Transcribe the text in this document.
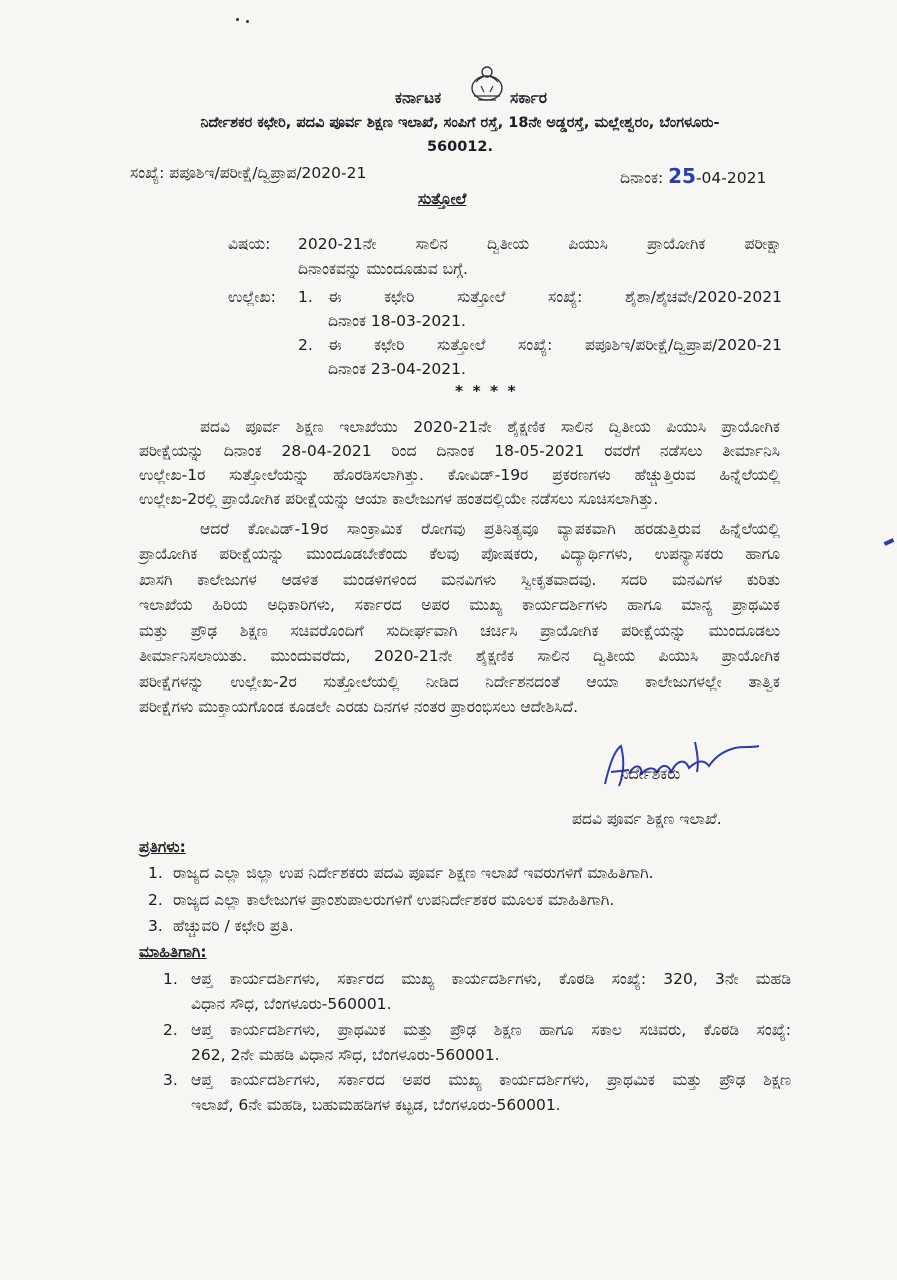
ಕರ್ನಾಟಕ	ಸರ್ಕಾರ
ನಿರ್ದೇಶಕರ ಕಛೇರಿ, ಪದವಿ ಪೂರ್ವ ಶಿಕ್ಷಣ ಇಲಾಖೆ, ಸಂಪಿಗೆ ರಸ್ತೆ, 18ನೇ ಅಡ್ಡರಸ್ತೆ, ಮಲ್ಲೇಶ್ವರಂ, ಬೆಂಗಳೂರು-
560012.
ಸಂಖ್ಯೆ: ಪಪೂಶಿಇ/ಪರೀಕ್ಷೆ/ದ್ವಿಪ್ರಾಪ/2020-21	ದಿನಾಂಕ: 25-04-2021
ಸುತ್ತೋಲೆ
ವಿಷಯ: 2020-21ನೇ ಸಾಲಿನ ದ್ವಿತೀಯ ಪಿಯುಸಿ ಪ್ರಾಯೋಗಿಕ ಪರೀಕ್ಷಾ
ದಿನಾಂಕವನ್ನು ಮುಂದೂಡುವ ಬಗ್ಗೆ.
ಉಲ್ಲೇಖ: 1. ಈ ಕಛೇರಿ ಸುತ್ತೋಲೆ ಸಂಖ್ಯೆ: ಶೈಶಾ/ಶೈಚವೇ/2020-2021
ದಿನಾಂಕ 18-03-2021.
2. ಈ ಕಛೇರಿ ಸುತ್ತೋಲೆ ಸಂಖ್ಯೆ: ಪಪೂಶಿಇ/ಪರೀಕ್ಷೆ/ದ್ವಿಪ್ರಾಪ/2020-21
ದಿನಾಂಕ 23-04-2021.
* * * *
ಪದವಿ ಪೂರ್ವ ಶಿಕ್ಷಣ ಇಲಾಖೆಯು 2020-21ನೇ ಶೈಕ್ಷಣಿಕ ಸಾಲಿನ ದ್ವಿತೀಯ ಪಿಯುಸಿ ಪ್ರಾಯೋಗಿಕ
ಪರೀಕ್ಷೆಯನ್ನು ದಿನಾಂಕ 28-04-2021 ರಿಂದ ದಿನಾಂಕ 18-05-2021 ರವರೆಗೆ ನಡೆಸಲು ತೀರ್ಮಾನಿಸಿ
ಉಲ್ಲೇಖ-1ರ ಸುತ್ತೋಲೆಯನ್ನು ಹೊರಡಿಸಲಾಗಿತ್ತು. ಕೋವಿಡ್-19ರ ಪ್ರಕರಣಗಳು ಹೆಚ್ಚುತ್ತಿರುವ ಹಿನ್ನೆಲೆಯಲ್ಲಿ
ಉಲ್ಲೇಖ-2ರಲ್ಲಿ ಪ್ರಾಯೋಗಿಕ ಪರೀಕ್ಷೆಯನ್ನು ಆಯಾ ಕಾಲೇಜುಗಳ ಹಂತದಲ್ಲಿಯೇ ನಡೆಸಲು ಸೂಚಿಸಲಾಗಿತ್ತು.
ಆದರೆ ಕೋವಿಡ್-19ರ ಸಾಂಕ್ರಾಮಿಕ ರೋಗವು ಪ್ರತಿನಿತ್ಯವೂ ವ್ಯಾಪಕವಾಗಿ ಹರಡುತ್ತಿರುವ ಹಿನ್ನೆಲೆಯಲ್ಲಿ
ಪ್ರಾಯೋಗಿಕ ಪರೀಕ್ಷೆಯನ್ನು ಮುಂದೂಡಬೇಕೆಂದು ಕೆಲವು ಪೋಷಕರು, ವಿದ್ಯಾರ್ಥಿಗಳು, ಉಪನ್ಯಾಸಕರು ಹಾಗೂ
ಖಾಸಗಿ ಕಾಲೇಜುಗಳ ಆಡಳಿತ ಮಂಡಳಿಗಳಿಂದ ಮನವಿಗಳು ಸ್ವೀಕೃತವಾದವು. ಸದರಿ ಮನವಿಗಳ ಕುರಿತು
ಇಲಾಖೆಯ ಹಿರಿಯ ಅಧಿಕಾರಿಗಳು, ಸರ್ಕಾರದ ಅಪರ ಮುಖ್ಯ ಕಾರ್ಯದರ್ಶಿಗಳು ಹಾಗೂ ಮಾನ್ಯ ಪ್ರಾಥಮಿಕ
ಮತ್ತು ಪ್ರೌಢ ಶಿಕ್ಷಣ ಸಚಿವರೊಂದಿಗೆ ಸುದೀರ್ಘವಾಗಿ ಚರ್ಚಿಸಿ ಪ್ರಾಯೋಗಿಕ ಪರೀಕ್ಷೆಯನ್ನು ಮುಂದೂಡಲು
ತೀರ್ಮಾನಿಸಲಾಯಿತು. ಮುಂದುವರೆದು, 2020-21ನೇ ಶೈಕ್ಷಣಿಕ ಸಾಲಿನ ದ್ವಿತೀಯ ಪಿಯುಸಿ ಪ್ರಾಯೋಗಿಕ
ಪರೀಕ್ಷೆಗಳನ್ನು ಉಲ್ಲೇಖ-2ರ ಸುತ್ತೋಲೆಯಲ್ಲಿ ನೀಡಿದ ನಿರ್ದೇಶನದಂತೆ ಆಯಾ ಕಾಲೇಜುಗಳಲ್ಲೇ ತಾತ್ವಿಕ
ಪರೀಕ್ಷೆಗಳು ಮುಕ್ತಾಯಗೊಂಡ ಕೂಡಲೇ ಎರಡು ದಿನಗಳ ನಂತರ ಪ್ರಾರಂಭಿಸಲು ಆದೇಶಿಸಿದೆ.
ನಿರ್ದೇಶಕರು
ಪದವಿ ಪೂರ್ವ ಶಿಕ್ಷಣ ಇಲಾಖೆ.
ಪ್ರತಿಗಳು:
1. ರಾಜ್ಯದ ಎಲ್ಲಾ ಜಿಲ್ಲಾ ಉಪ ನಿರ್ದೇಶಕರು ಪದವಿ ಪೂರ್ವ ಶಿಕ್ಷಣ ಇಲಾಖೆ ಇವರುಗಳಿಗೆ ಮಾಹಿತಿಗಾಗಿ.
2. ರಾಜ್ಯದ ಎಲ್ಲಾ ಕಾಲೇಜುಗಳ ಪ್ರಾಂಶುಪಾಲರುಗಳಿಗೆ ಉಪನಿರ್ದೇಶಕರ ಮೂಲಕ ಮಾಹಿತಿಗಾಗಿ.
3. ಹೆಚ್ಚುವರಿ / ಕಛೇರಿ ಪ್ರತಿ.
ಮಾಹಿತಿಗಾಗಿ:
1. ಆಪ್ತ ಕಾರ್ಯದರ್ಶಿಗಳು, ಸರ್ಕಾರದ ಮುಖ್ಯ ಕಾರ್ಯದರ್ಶಿಗಳು, ಕೊಠಡಿ ಸಂಖ್ಯೆ: 320, 3ನೇ ಮಹಡಿ
ವಿಧಾನ ಸೌಧ, ಬೆಂಗಳೂರು-560001.
2. ಆಪ್ತ ಕಾರ್ಯದರ್ಶಿಗಳು, ಪ್ರಾಥಮಿಕ ಮತ್ತು ಪ್ರೌಢ ಶಿಕ್ಷಣ ಹಾಗೂ ಸಕಾಲ ಸಚಿವರು, ಕೊಠಡಿ ಸಂಖ್ಯೆ:
262, 2ನೇ ಮಹಡಿ ವಿಧಾನ ಸೌಧ, ಬೆಂಗಳೂರು-560001.
3. ಆಪ್ತ ಕಾರ್ಯದರ್ಶಿಗಳು, ಸರ್ಕಾರದ ಅಪರ ಮುಖ್ಯ ಕಾರ್ಯದರ್ಶಿಗಳು, ಪ್ರಾಥಮಿಕ ಮತ್ತು ಪ್ರೌಢ ಶಿಕ್ಷಣ
ಇಲಾಖೆ, 6ನೇ ಮಹಡಿ, ಬಹುಮಹಡಿಗಳ ಕಟ್ಟಡ, ಬೆಂಗಳೂರು-560001.
